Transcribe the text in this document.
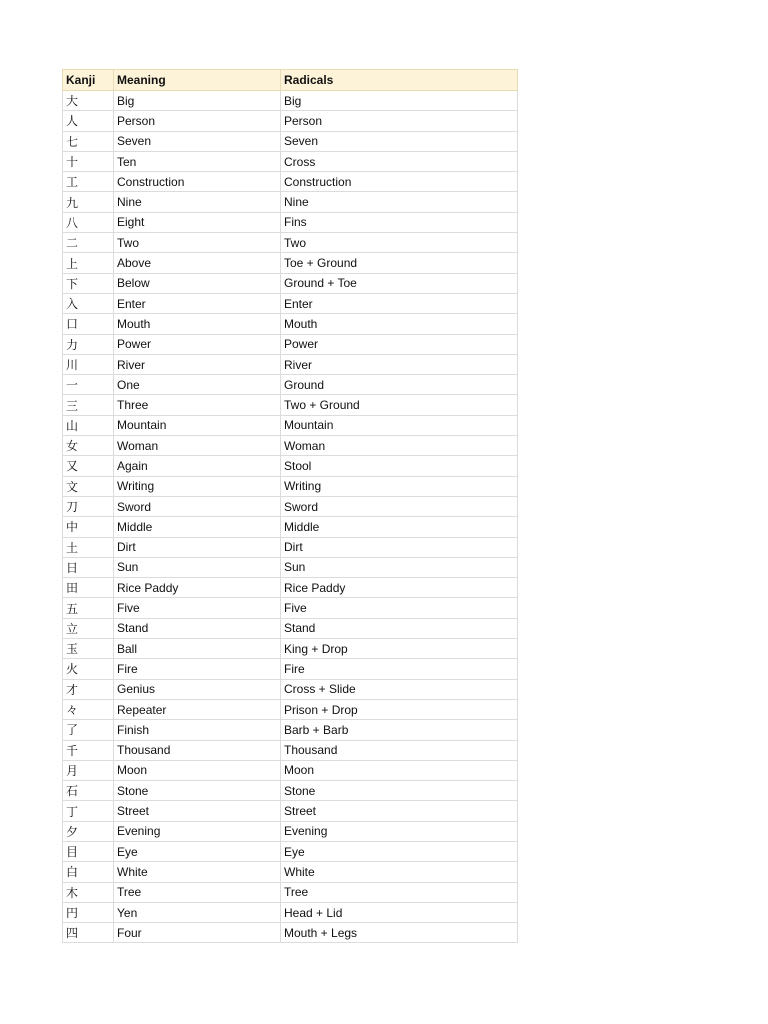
Kanji	Meaning	Radicals
大	Big	Big
人	Person	Person
七	Seven	Seven
十	Ten	Cross
工	Construction	Construction
九	Nine	Nine
八	Eight	Fins
二	Two	Two
上	Above	Toe + Ground
下	Below	Ground + Toe
入	Enter	Enter
口	Mouth	Mouth
力	Power	Power
川	River	River
一	One	Ground
三	Three	Two + Ground
山	Mountain	Mountain
女	Woman	Woman
又	Again	Stool
文	Writing	Writing
刀	Sword	Sword
中	Middle	Middle
土	Dirt	Dirt
日	Sun	Sun
田	Rice Paddy	Rice Paddy
五	Five	Five
立	Stand	Stand
玉	Ball	King + Drop
火	Fire	Fire
才	Genius	Cross + Slide
々	Repeater	Prison + Drop
了	Finish	Barb + Barb
千	Thousand	Thousand
月	Moon	Moon
石	Stone	Stone
丁	Street	Street
夕	Evening	Evening
目	Eye	Eye
白	White	White
木	Tree	Tree
円	Yen	Head + Lid
四	Four	Mouth + Legs
